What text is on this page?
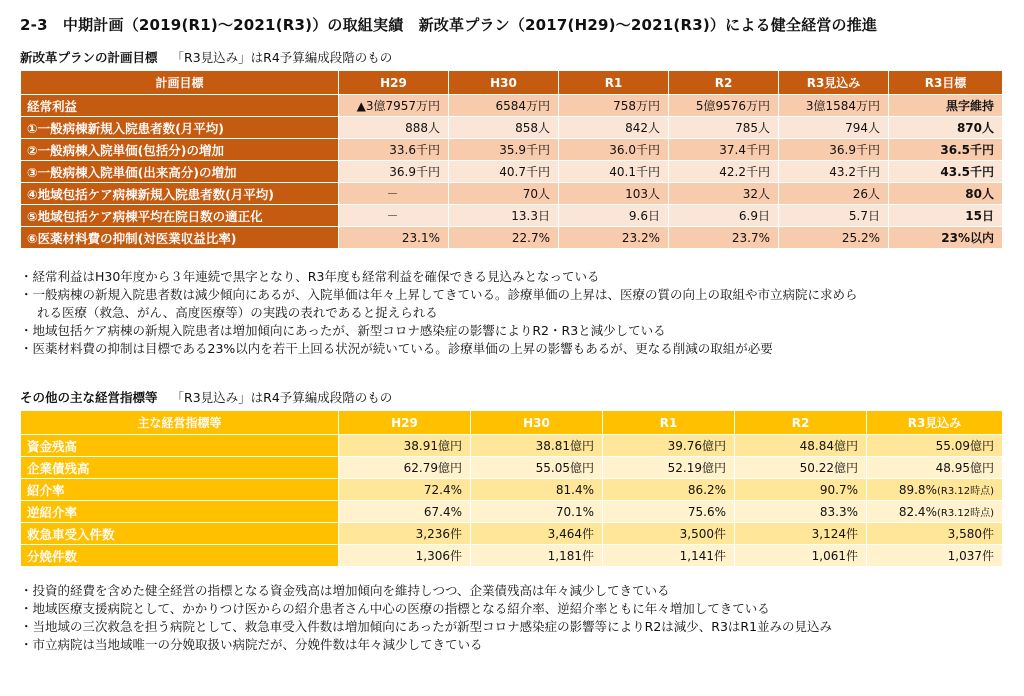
2-3　中期計画（2019(R1)～2021(R3)）の取組実績　新改革プラン（2017(H29)～2021(R3)）による健全経営の推進
新改革プランの計画目標 「R3見込み」はR4予算編成段階のもの
計画目標	H29	H30	R1	R2	R3見込み	R3目標
経常利益	▲3億7957万円	6584万円	758万円	5億9576万円	3億1584万円	黒字維持
①一般病棟新規入院患者数(月平均)	888人	858人	842人	785人	794人	870人
②一般病棟入院単価(包括分)の増加	33.6千円	35.9千円	36.0千円	37.4千円	36.9千円	36.5千円
③一般病棟入院単価(出来高分)の増加	36.9千円	40.7千円	40.1千円	42.2千円	43.2千円	43.5千円
④地域包括ケア病棟新規入院患者数(月平均)	－	70人	103人	32人	26人	80人
⑤地域包括ケア病棟平均在院日数の適正化	－	13.3日	9.6日	6.9日	5.7日	15日
⑥医薬材料費の抑制(対医業収益比率)	23.1%	22.7%	23.2%	23.7%	25.2%	23%以内
・経常利益はH30年度から３年連続で黒字となり、R3年度も経常利益を確保できる見込みとなっている
・一般病棟の新規入院患者数は減少傾向にあるが、入院単価は年々上昇してきている。診療単価の上昇は、医療の質の向上の取組や市立病院に求めら
れる医療（救急、がん、高度医療等）の実践の表れであると捉えられる
・地域包括ケア病棟の新規入院患者は増加傾向にあったが、新型コロナ感染症の影響によりR2・R3と減少している
・医薬材料費の抑制は目標である23%以内を若干上回る状況が続いている。診療単価の上昇の影響もあるが、更なる削減の取組が必要
その他の主な経営指標等 「R3見込み」はR4予算編成段階のもの
主な経営指標等	H29	H30	R1	R2	R3見込み
資金残高	38.91億円	38.81億円	39.76億円	48.84億円	55.09億円
企業債残高	62.79億円	55.05億円	52.19億円	50.22億円	48.95億円
紹介率	72.4%	81.4%	86.2%	90.7%	89.8%(R3.12時点)
逆紹介率	67.4%	70.1%	75.6%	83.3%	82.4%(R3.12時点)
救急車受入件数	3,236件	3,464件	3,500件	3,124件	3,580件
分娩件数	1,306件	1,181件	1,141件	1,061件	1,037件
・投資的経費を含めた健全経営の指標となる資金残高は増加傾向を維持しつつ、企業債残高は年々減少してきている
・地域医療支援病院として、かかりつけ医からの紹介患者さん中心の医療の指標となる紹介率、逆紹介率ともに年々増加してきている
・当地域の三次救急を担う病院として、救急車受入件数は増加傾向にあったが新型コロナ感染症の影響等によりR2は減少、R3はR1並みの見込み
・市立病院は当地域唯一の分娩取扱い病院だが、分娩件数は年々減少してきている
